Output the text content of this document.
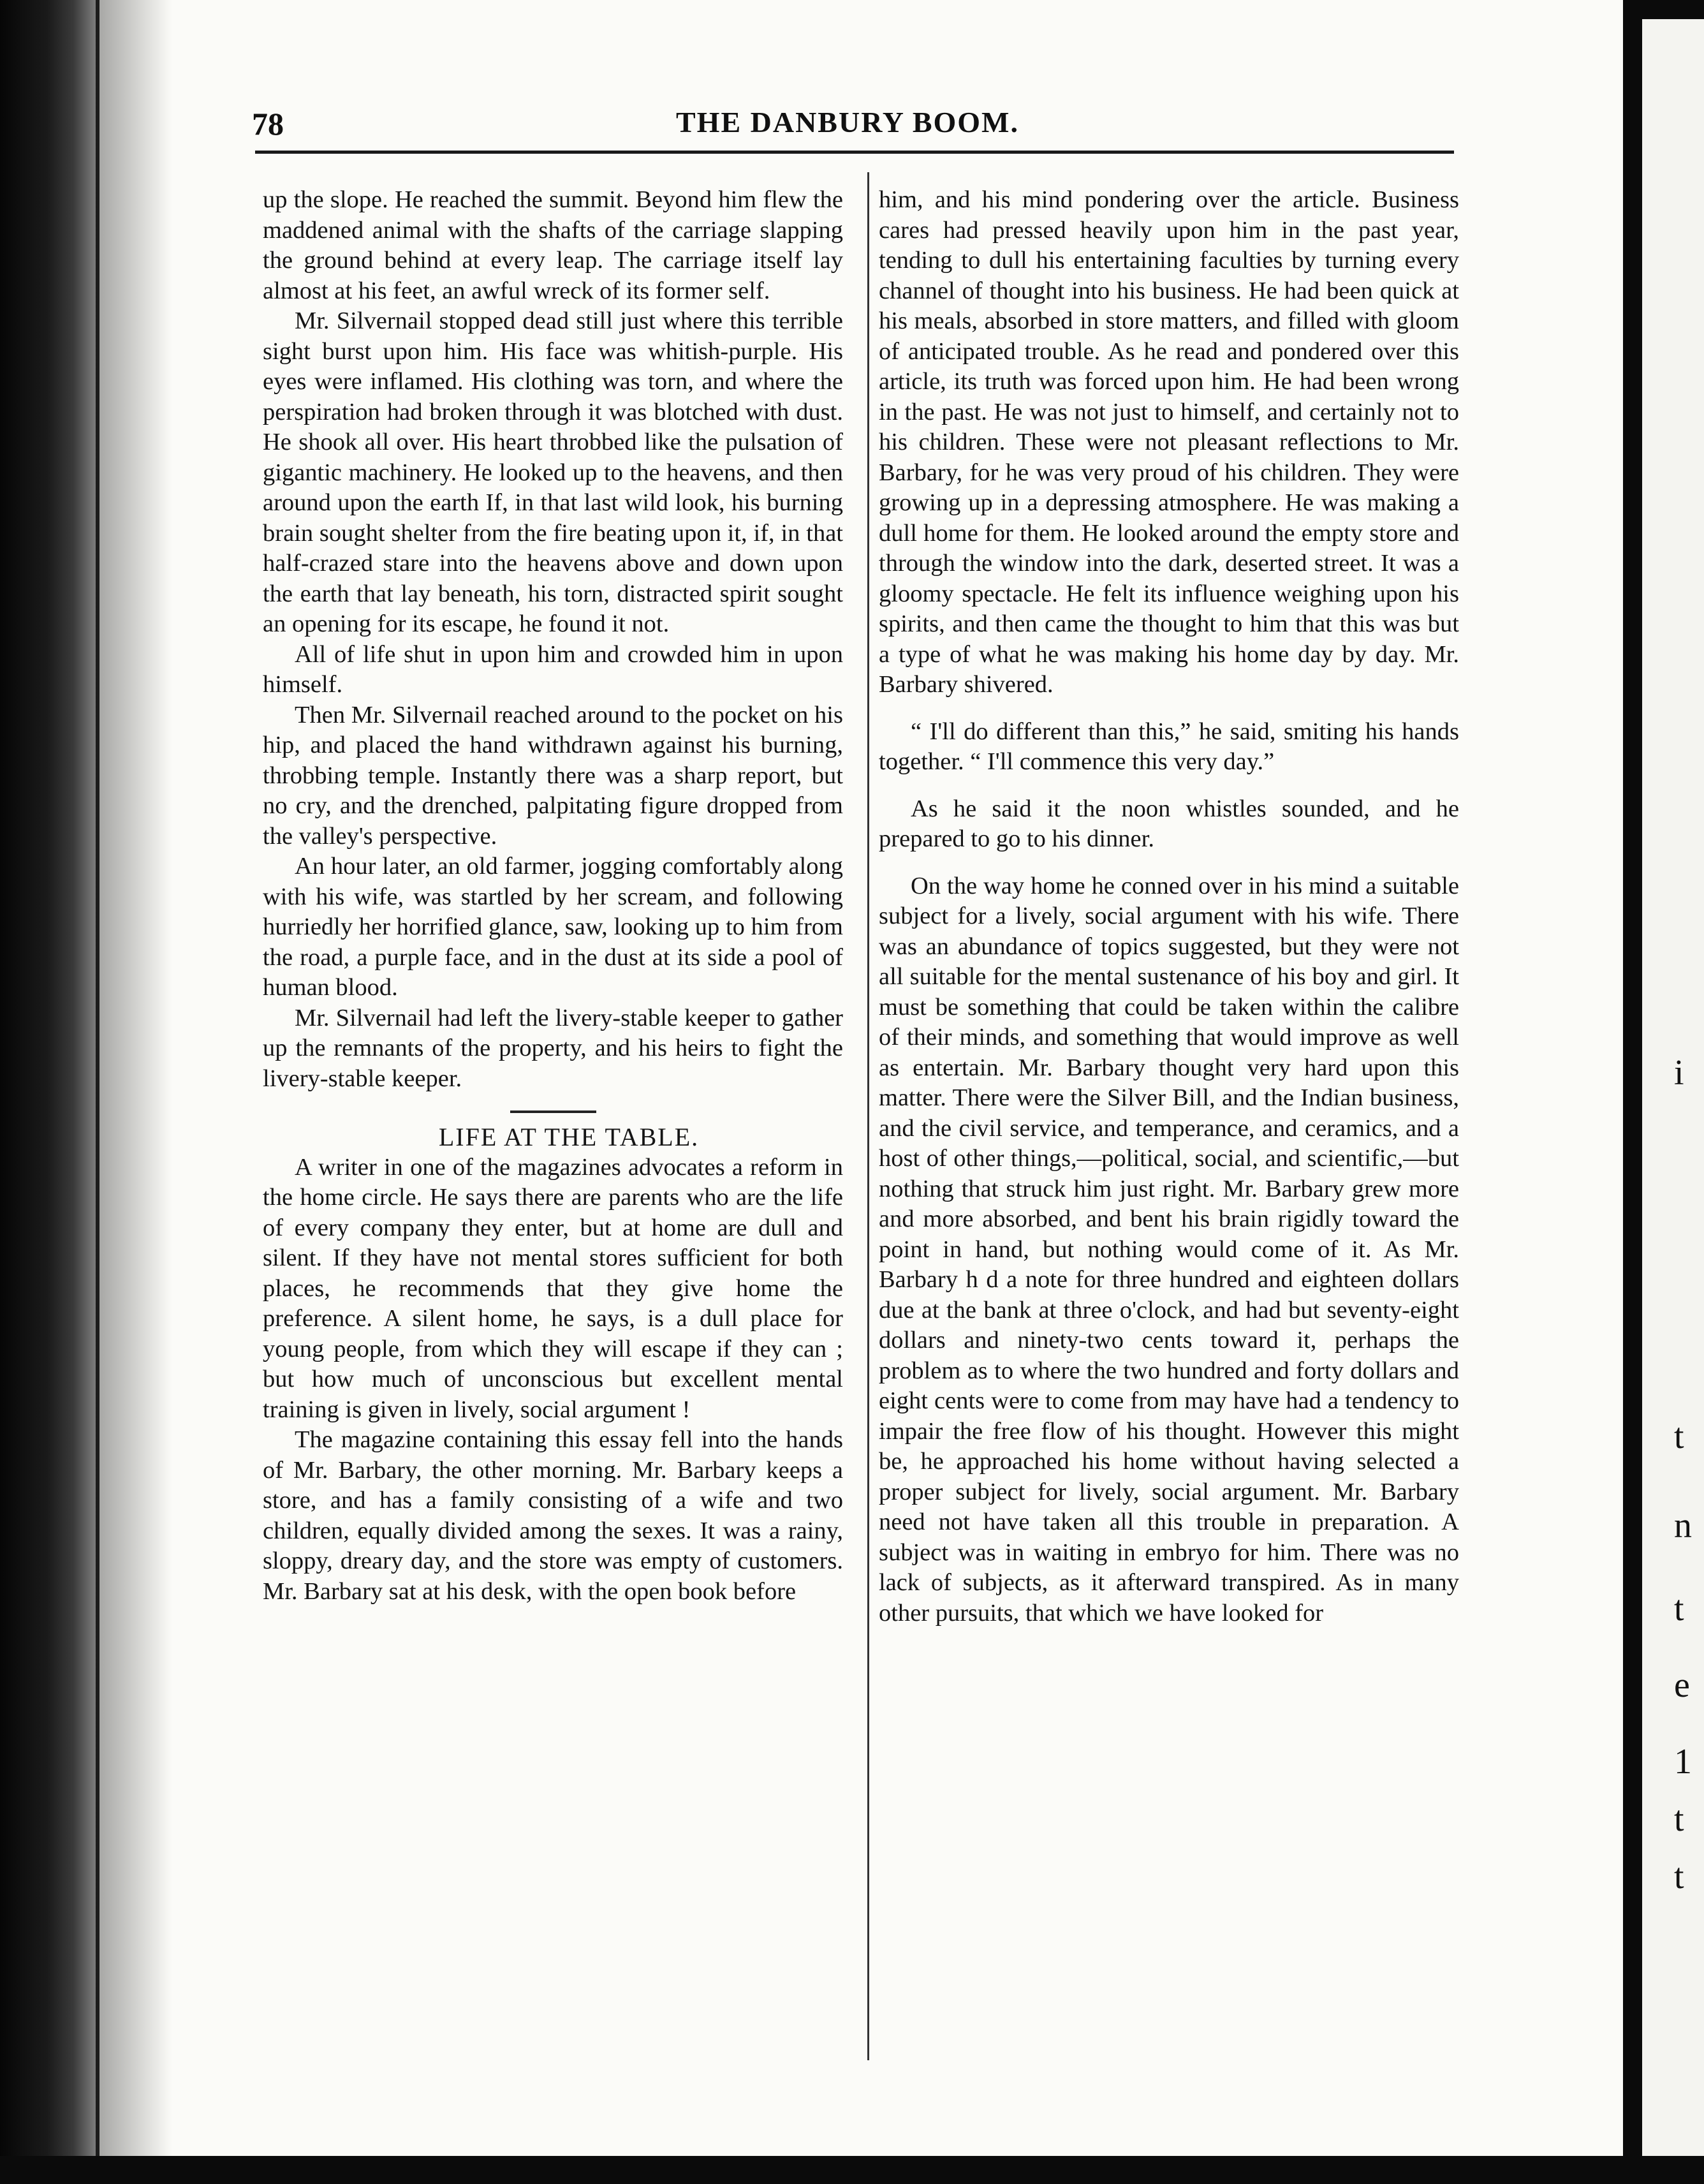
i
t
n
t
e
1
t
t
78	THE DANBURY BOOM.

up the slope. He reached the summit. Beyond him flew the maddened animal with the shafts of the carriage slapping the ground behind at every leap. The carriage itself lay almost at his feet, an awful wreck of its former self.

Mr. Silvernail stopped dead still just where this terrible sight burst upon him. His face was whitish-purple. His eyes were inflamed. His clothing was torn, and where the perspiration had broken through it was blotched with dust. He shook all over. His heart throbbed like the pulsation of gigantic machinery. He looked up to the heavens, and then around upon the earth If, in that last wild look, his burning brain sought shelter from the fire beating upon it, if, in that half-crazed stare into the heavens above and down upon the earth that lay beneath, his torn, distracted spirit sought an opening for its escape, he found it not.

All of life shut in upon him and crowded him in upon himself.

Then Mr. Silvernail reached around to the pocket on his hip, and placed the hand withdrawn against his burning, throbbing temple. Instantly there was a sharp report, but no cry, and the drenched, palpitating figure dropped from the valley's perspective.

An hour later, an old farmer, jogging comfortably along with his wife, was startled by her scream, and following hurriedly her horrified glance, saw, looking up to him from the road, a purple face, and in the dust at its side a pool of human blood.

Mr. Silvernail had left the livery-stable keeper to gather up the remnants of the property, and his heirs to fight the livery-stable keeper.

LIFE AT THE TABLE.

A writer in one of the magazines advocates a reform in the home circle. He says there are parents who are the life of every company they enter, but at home are dull and silent. If they have not mental stores sufficient for both places, he recommends that they give home the preference. A silent home, he says, is a dull place for young people, from which they will escape if they can ; but how much of unconscious but excellent mental training is given in lively, social argument !

The magazine containing this essay fell into the hands of Mr. Barbary, the other morning. Mr. Barbary keeps a store, and has a family consisting of a wife and two children, equally divided among the sexes. It was a rainy, sloppy, dreary day, and the store was empty of customers. Mr. Barbary sat at his desk, with the open book before

him, and his mind pondering over the article. Business cares had pressed heavily upon him in the past year, tending to dull his entertaining faculties by turning every channel of thought into his business. He had been quick at his meals, absorbed in store matters, and filled with gloom of anticipated trouble. As he read and pondered over this article, its truth was forced upon him. He had been wrong in the past. He was not just to himself, and certainly not to his children. These were not pleasant reflections to Mr. Barbary, for he was very proud of his children. They were growing up in a depressing atmosphere. He was making a dull home for them. He looked around the empty store and through the window into the dark, deserted street. It was a gloomy spectacle. He felt its influence weighing upon his spirits, and then came the thought to him that this was but a type of what he was making his home day by day. Mr. Barbary shivered.

“ I'll do different than this,” he said, smiting his hands together. “ I'll commence this very day.”

As he said it the noon whistles sounded, and he prepared to go to his dinner.

On the way home he conned over in his mind a suitable subject for a lively, social argument with his wife. There was an abundance of topics suggested, but they were not all suitable for the mental sustenance of his boy and girl. It must be something that could be taken within the calibre of their minds, and something that would improve as well as entertain. Mr. Barbary thought very hard upon this matter. There were the Silver Bill, and the Indian business, and the civil service, and temperance, and ceramics, and a host of other things,—political, social, and scientific,—but nothing that struck him just right. Mr. Barbary grew more and more absorbed, and bent his brain rigidly toward the point in hand, but nothing would come of it. As Mr. Barbary h d a note for three hundred and eighteen dollars due at the bank at three o'clock, and had but seventy-eight dollars and ninety-two cents toward it, perhaps the problem as to where the two hundred and forty dollars and eight cents were to come from may have had a tendency to impair the free flow of his thought. However this might be, he approached his home without having selected a proper subject for lively, social argument. Mr. Barbary need not have taken all this trouble in preparation. A subject was in waiting in embryo for him. There was no lack of subjects, as it afterward transpired. As in many other pursuits, that which we have looked for
